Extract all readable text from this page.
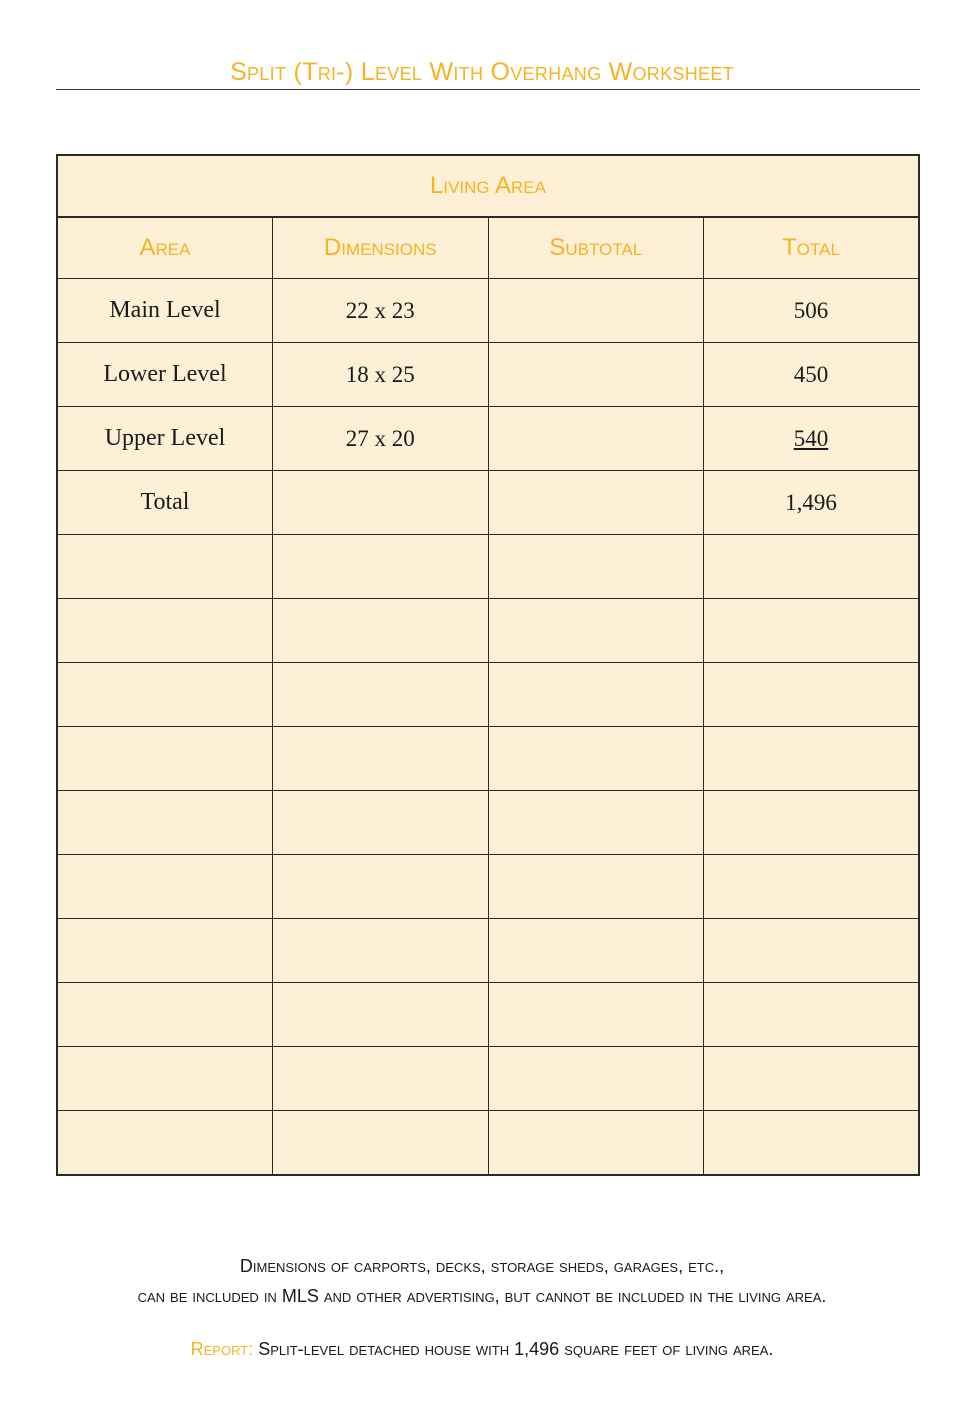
Split (Tri-) Level With Overhang Worksheet
Living Area			
Area	Dimensions	Subtotal	Total
Main Level	22 x 23		506
Lower Level	18 x 25		450
Upper Level	27 x 20		540
Total			1,496

Dimensions of carports, decks, storage sheds, garages, etc.,
can be included in MLS and other advertising, but cannot be included in the living area.
Report: Split-level detached house with 1,496 square feet of living area.
